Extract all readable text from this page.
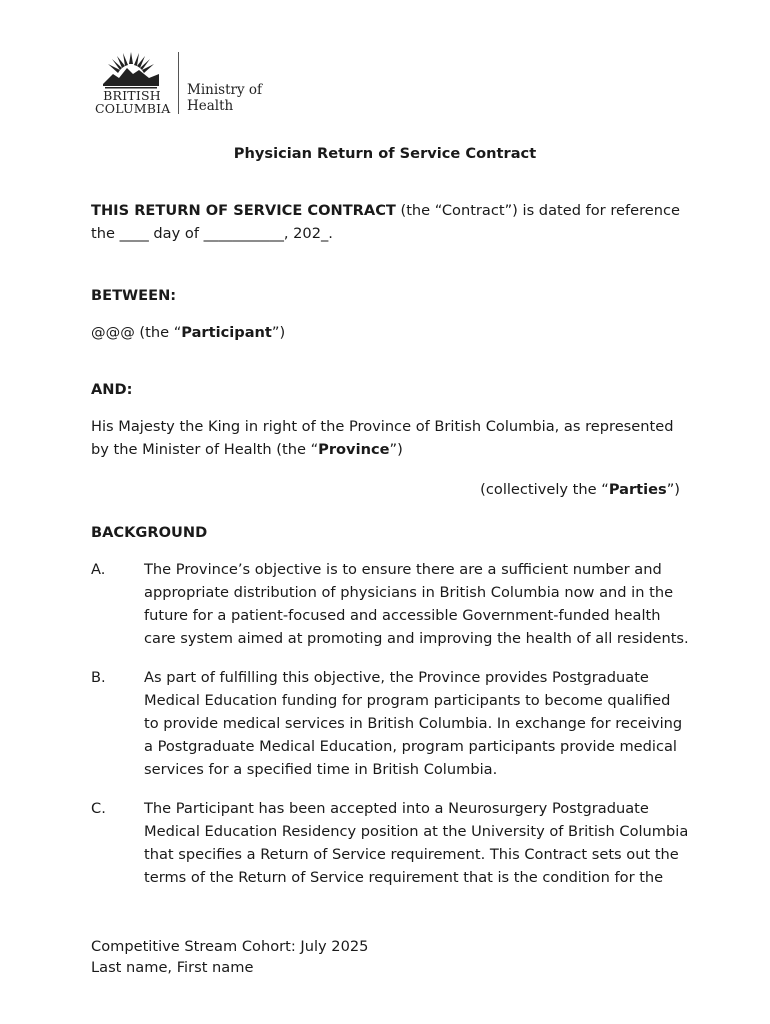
BRITISH
COLUMBIA
Ministry of
Health
Physician Return of Service Contract
THIS RETURN OF SERVICE CONTRACT (the “Contract”) is dated for reference the ____ day of ___________, 202_.
BETWEEN:
@@@ (the “Participant”)
AND:
His Majesty the King in right of the Province of British Columbia, as represented by the Minister of Health (the “Province”)
(collectively the “Parties”)
BACKGROUND
A.	The Province’s objective is to ensure there are a sufficient number and appropriate distribution of physicians in British Columbia now and in the future for a patient-focused and accessible Government-funded health care system aimed at promoting and improving the health of all residents.
B.	As part of fulfilling this objective, the Province provides Postgraduate Medical Education funding for program participants to become qualified to provide medical services in British Columbia. In exchange for receiving a Postgraduate Medical Education, program participants provide medical services for a specified time in British Columbia.
C.	The Participant has been accepted into a Neurosurgery Postgraduate Medical Education Residency position at the University of British Columbia that specifies a Return of Service requirement. This Contract sets out the terms of the Return of Service requirement that is the condition for the
Competitive Stream Cohort: July 2025
Last name, First name
